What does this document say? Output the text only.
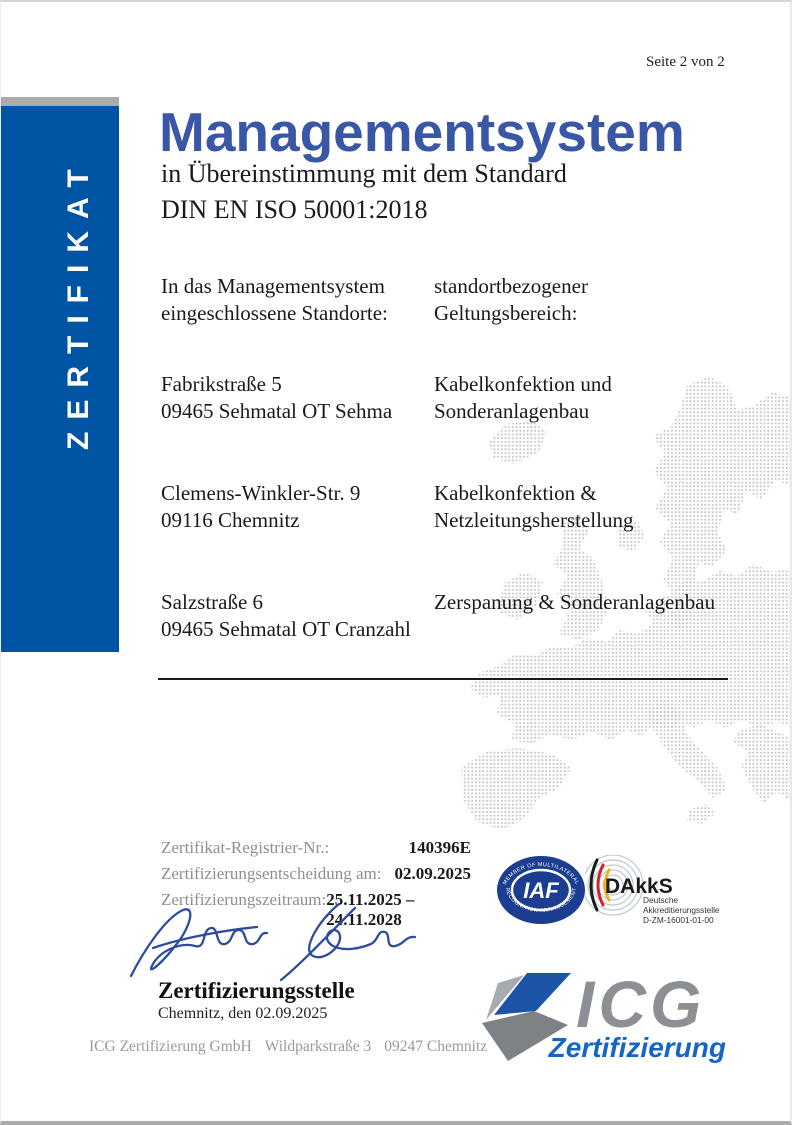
Seite 2 von 2
ZERTIFIKAT
Managementsystem
in Übereinstimmung mit dem Standard
DIN EN ISO 50001:2018
In das Managementsystem
eingeschlossene Standorte:
standortbezogener
Geltungsbereich:
Fabrikstraße 5
09465 Sehmatal OT Sehma
Kabelkonfektion und
Sonderanlagenbau
Clemens-Winkler-Str. 9
09116 Chemnitz
Kabelkonfektion &
Netzleitungsherstellung
Salzstraße 6
09465 Sehmatal OT Cranzahl
Zerspanung & Sonderanlagenbau
Zertifikat-Registrier-Nr.:	140396E
Zertifizierungsentscheidung am: 02.09.2025
Zertifizierungszeitraum: 25.11.2025 – 24.11.2028
MEMBER OF MULTILATERAL
RECOGNITION ARRANGEMENT
IAF DAkkS
Deutsche
Akkreditierungsstelle
D-ZM-16001-01-00
Zertifizierungsstelle
Chemnitz, den 02.09.2025
ICG Zertifizierung GmbH Wildparkstraße 3 09247 Chemnitz
ICG
Zertifizierung
